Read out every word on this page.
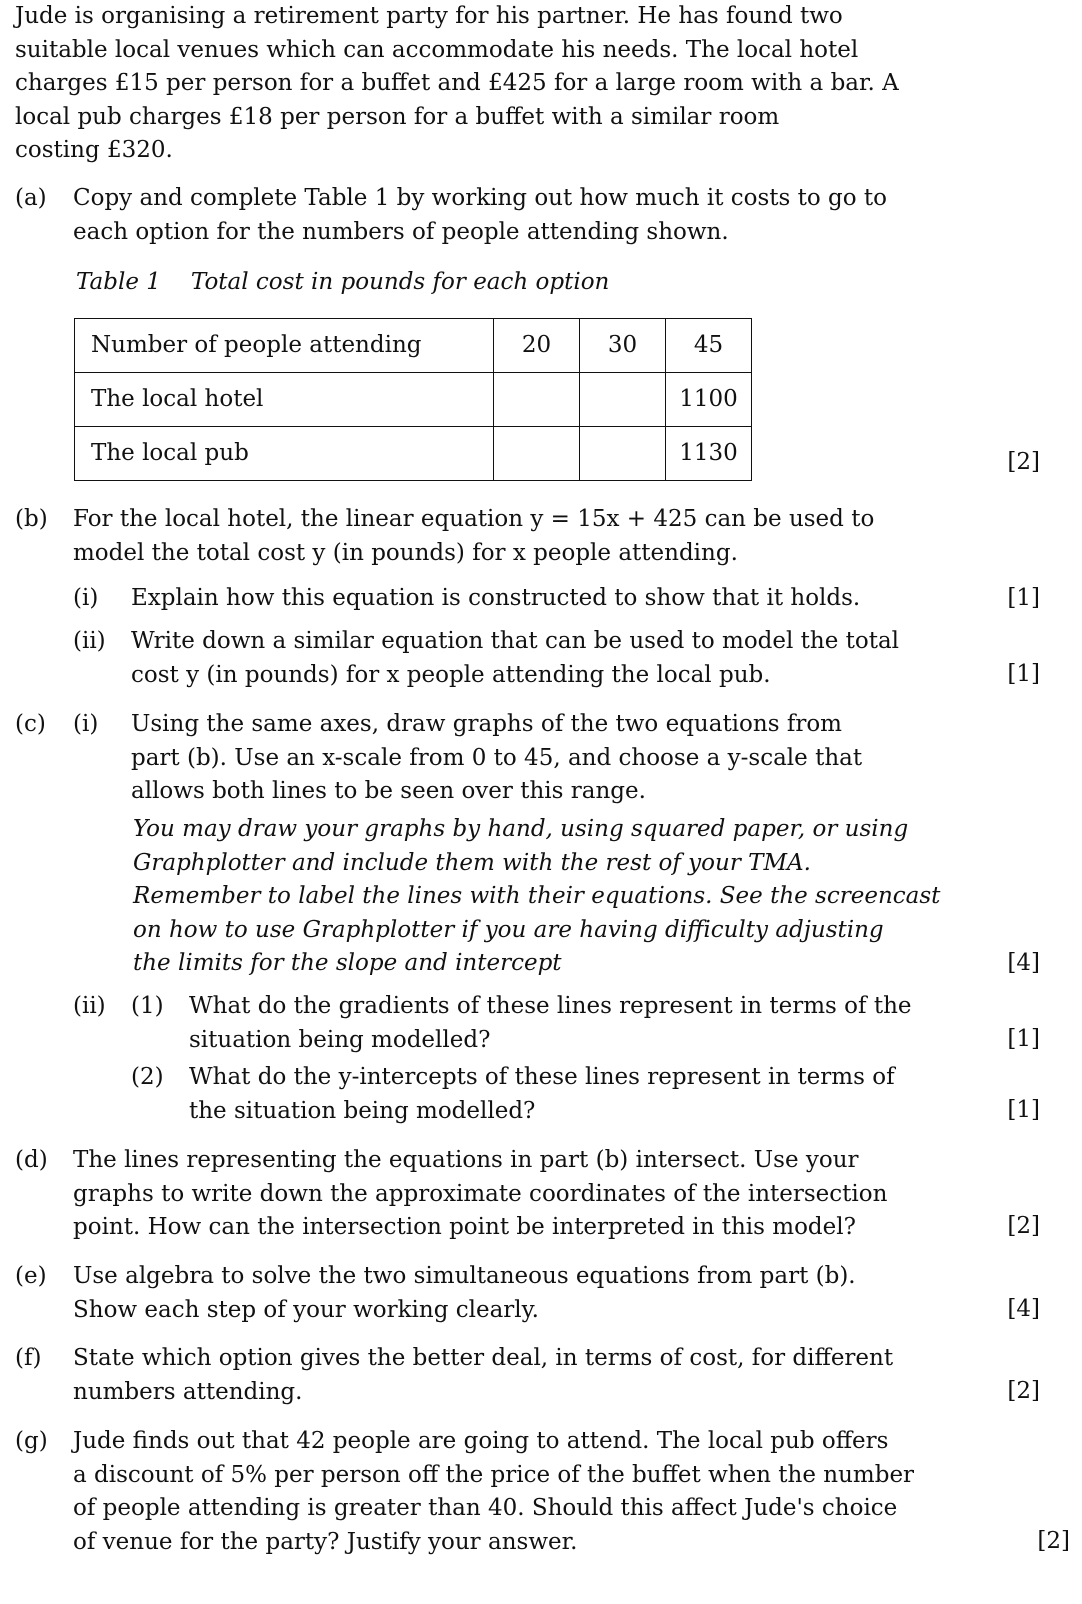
Jude is organising a retirement party for his partner. He has found two
suitable local venues which can accommodate his needs. The local hotel
charges £15 per person for a buffet and £425 for a large room with a bar. A
local pub charges £18 per person for a buffet with a similar room
costing £320.
(a) Copy and complete Table 1 by working out how much it costs to go to
each option for the numbers of people attending shown.
Table 1 Total cost in pounds for each option
Number of people attending	20	30	45
The local hotel			1100
The local pub			1130	[2]
(b) For the local hotel, the linear equation y = 15x + 425 can be used to
model the total cost y (in pounds) for x people attending.
(i) Explain how this equation is constructed to show that it holds.	[1]
(ii) Write down a similar equation that can be used to model the total
cost y (in pounds) for x people attending the local pub.	[1]
(c) (i) Using the same axes, draw graphs of the two equations from
part (b). Use an x-scale from 0 to 45, and choose a y-scale that
allows both lines to be seen over this range.
You may draw your graphs by hand, using squared paper, or using
Graphplotter and include them with the rest of your TMA.
Remember to label the lines with their equations. See the screencast
on how to use Graphplotter if you are having difficulty adjusting
the limits for the slope and intercept	[4]
(ii) (1) What do the gradients of these lines represent in terms of the
situation being modelled?	[1]
(2) What do the y-intercepts of these lines represent in terms of
the situation being modelled?	[1]
(d) The lines representing the equations in part (b) intersect. Use your
graphs to write down the approximate coordinates of the intersection
point. How can the intersection point be interpreted in this model?	[2]
(e) Use algebra to solve the two simultaneous equations from part (b).
Show each step of your working clearly.	[4]
(f) State which option gives the better deal, in terms of cost, for different
numbers attending.	[2]
(g) Jude finds out that 42 people are going to attend. The local pub offers
a discount of 5% per person off the price of the buffet when the number
of people attending is greater than 40. Should this affect Jude's choice
of venue for the party? Justify your answer.	[2]
